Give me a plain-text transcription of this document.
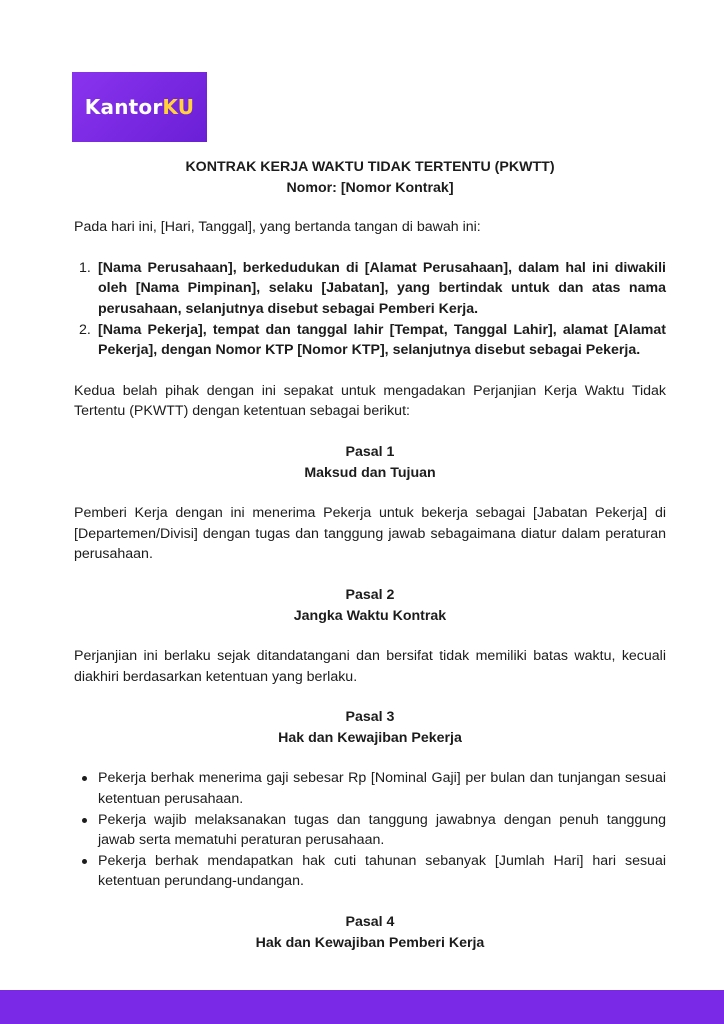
KantorKU
KONTRAK KERJA WAKTU TIDAK TERTENTU (PKWTT)
Nomor: [Nomor Kontrak]

Pada hari ini, [Hari, Tanggal], yang bertanda tangan di bawah ini:

1. [Nama Perusahaan], berkedudukan di [Alamat Perusahaan], dalam hal ini diwakili oleh [Nama Pimpinan], selaku [Jabatan], yang bertindak untuk dan atas nama perusahaan, selanjutnya disebut sebagai Pemberi Kerja.
2. [Nama Pekerja], tempat dan tanggal lahir [Tempat, Tanggal Lahir], alamat [Alamat Pekerja], dengan Nomor KTP [Nomor KTP], selanjutnya disebut sebagai Pekerja.

Kedua belah pihak dengan ini sepakat untuk mengadakan Perjanjian Kerja Waktu Tidak Tertentu (PKWTT) dengan ketentuan sebagai berikut:

Pasal 1
Maksud dan Tujuan

Pemberi Kerja dengan ini menerima Pekerja untuk bekerja sebagai [Jabatan Pekerja] di [Departemen/Divisi] dengan tugas dan tanggung jawab sebagaimana diatur dalam peraturan perusahaan.

Pasal 2
Jangka Waktu Kontrak

Perjanjian ini berlaku sejak ditandatangani dan bersifat tidak memiliki batas waktu, kecuali diakhiri berdasarkan ketentuan yang berlaku.

Pasal 3
Hak dan Kewajiban Pekerja
Pekerja berhak menerima gaji sebesar Rp [Nominal Gaji] per bulan dan tunjangan sesuai ketentuan perusahaan.
Pekerja wajib melaksanakan tugas dan tanggung jawabnya dengan penuh tanggung jawab serta mematuhi peraturan perusahaan.
Pekerja berhak mendapatkan hak cuti tahunan sebanyak [Jumlah Hari] hari sesuai ketentuan perundang-undangan.
Pasal 4
Hak dan Kewajiban Pemberi Kerja
